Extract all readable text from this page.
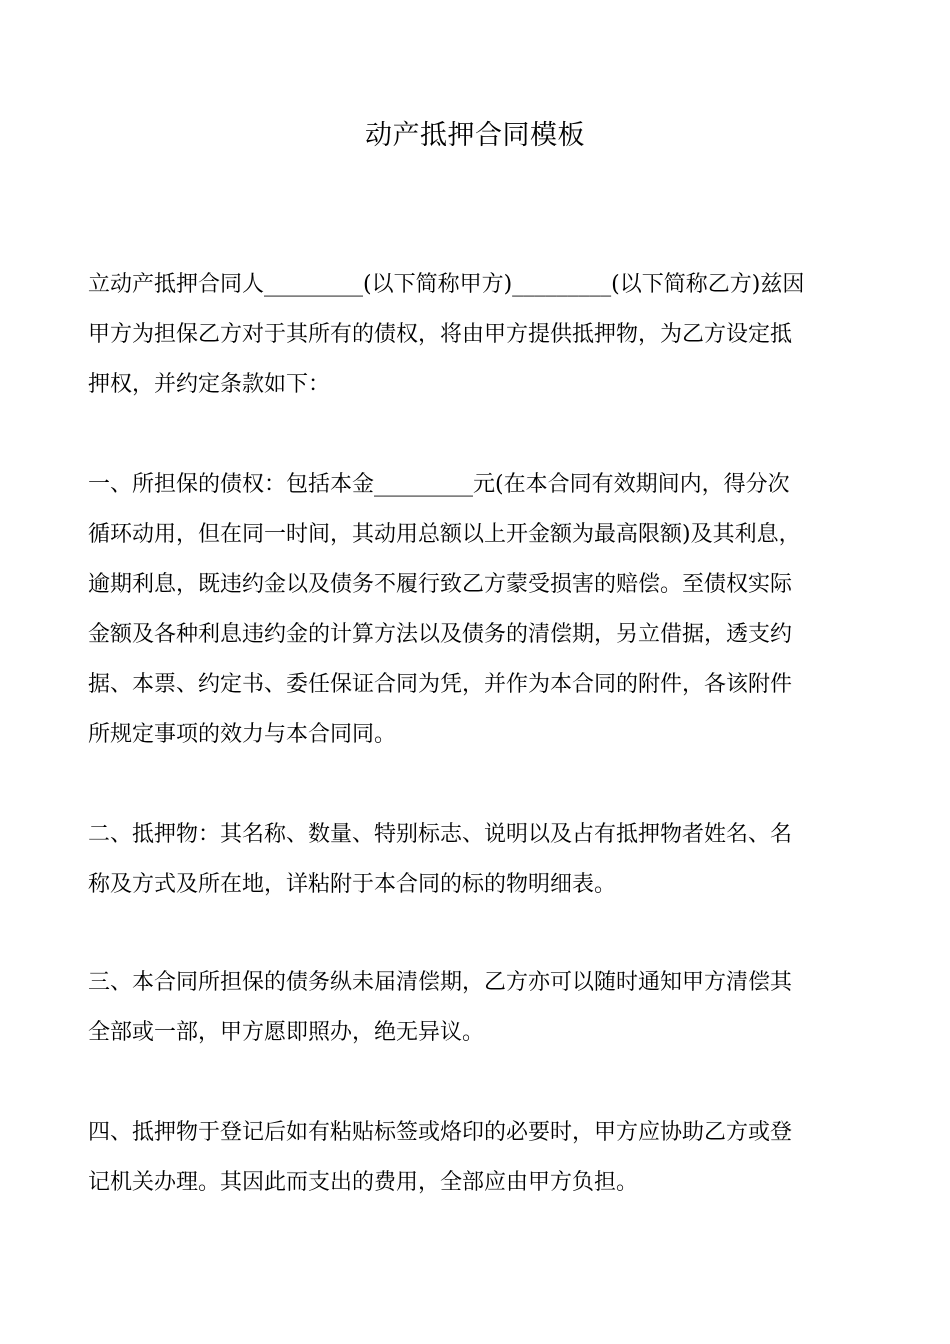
动产抵押合同模板
立动产抵押合同人_________(以下简称甲方)_________(以下简称乙方)兹因
甲方为担保乙方对于其所有的债权，将由甲方提供抵押物，为乙方设定抵
押权，并约定条款如下：
一、所担保的债权：包括本金_________元(在本合同有效期间内，得分次
循环动用，但在同一时间，其动用总额以上开金额为最高限额)及其利息，
逾期利息，既违约金以及债务不履行致乙方蒙受损害的赔偿。至债权实际
金额及各种利息违约金的计算方法以及债务的清偿期，另立借据，透支约
据、本票、约定书、委任保证合同为凭，并作为本合同的附件，各该附件
所规定事项的效力与本合同同。
二、抵押物：其名称、数量、特别标志、说明以及占有抵押物者姓名、名
称及方式及所在地，详粘附于本合同的标的物明细表。
三、本合同所担保的债务纵未届清偿期，乙方亦可以随时通知甲方清偿其
全部或一部，甲方愿即照办，绝无异议。
四、抵押物于登记后如有粘贴标签或烙印的必要时，甲方应协助乙方或登
记机关办理。其因此而支出的费用，全部应由甲方负担。
